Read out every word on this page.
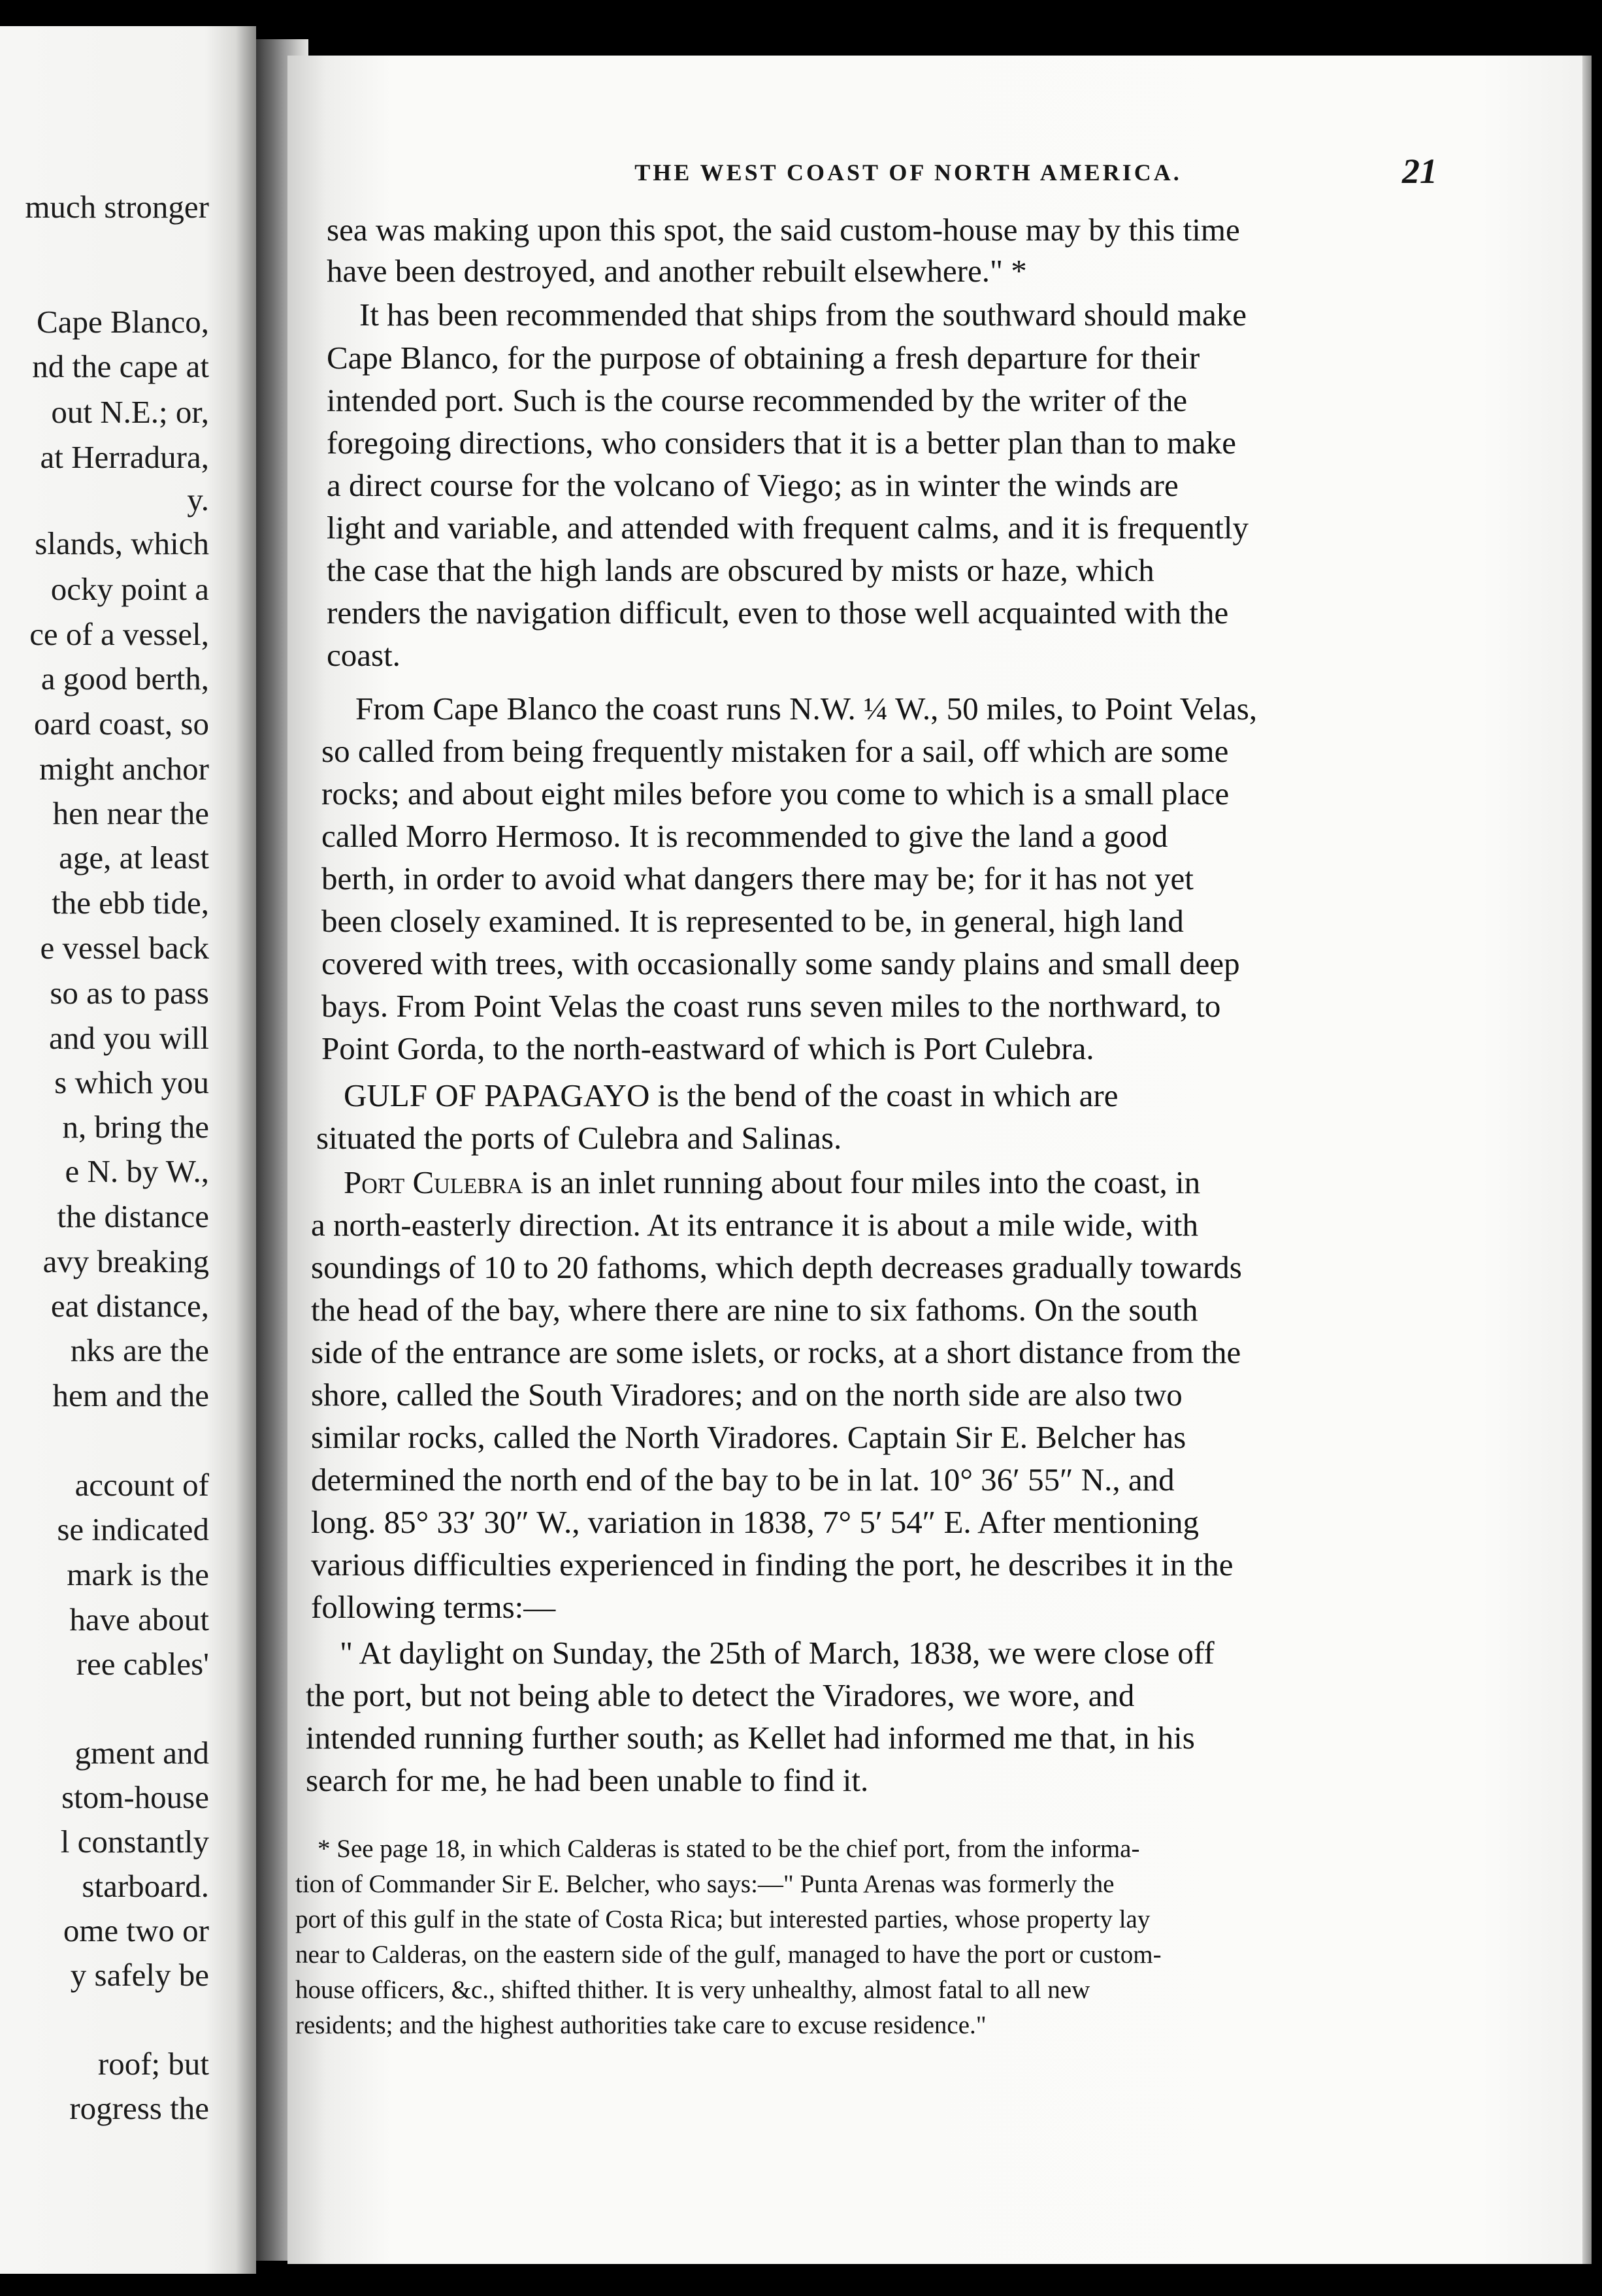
much stronger
Cape Blanco,
nd the cape at
out N.E.; or,
at Herradura,
y.
slands, which
ocky point a
ce of a vessel,
a good berth,
oard coast, so
might anchor
hen near the
age, at least
the ebb tide,
e vessel back
so as to pass
and you will
s which you
n, bring the
e N. by W.,
the distance
avy breaking
eat distance,
nks are the
hem and the
account of
se indicated
mark is the
have about
ree cables'
gment and
stom-house
l constantly
starboard.
ome two or
y safely be
roof; but
rogress the
THE WEST COAST OF NORTH AMERICA.	21
sea was making upon this spot, the said custom-house may by this time
have been destroyed, and another rebuilt elsewhere." *
It has been recommended that ships from the southward should make
Cape Blanco, for the purpose of obtaining a fresh departure for their
intended port. Such is the course recommended by the writer of the
foregoing directions, who considers that it is a better plan than to make
a direct course for the volcano of Viego; as in winter the winds are
light and variable, and attended with frequent calms, and it is frequently
the case that the high lands are obscured by mists or haze, which
renders the navigation difficult, even to those well acquainted with the
coast.
From Cape Blanco the coast runs N.W. ¼ W., 50 miles, to Point Velas,
so called from being frequently mistaken for a sail, off which are some
rocks; and about eight miles before you come to which is a small place
called Morro Hermoso. It is recommended to give the land a good
berth, in order to avoid what dangers there may be; for it has not yet
been closely examined. It is represented to be, in general, high land
covered with trees, with occasionally some sandy plains and small deep
bays. From Point Velas the coast runs seven miles to the northward, to
Point Gorda, to the north-eastward of which is Port Culebra.
GULF OF PAPAGAYO is the bend of the coast in which are
situated the ports of Culebra and Salinas.
Port Culebra is an inlet running about four miles into the coast, in
a north-easterly direction. At its entrance it is about a mile wide, with
soundings of 10 to 20 fathoms, which depth decreases gradually towards
the head of the bay, where there are nine to six fathoms. On the south
side of the entrance are some islets, or rocks, at a short distance from the
shore, called the South Viradores; and on the north side are also two
similar rocks, called the North Viradores. Captain Sir E. Belcher has
determined the north end of the bay to be in lat. 10° 36′ 55″ N., and
long. 85° 33′ 30″ W., variation in 1838, 7° 5′ 54″ E. After mentioning
various difficulties experienced in finding the port, he describes it in the
following terms:—
" At daylight on Sunday, the 25th of March, 1838, we were close off
the port, but not being able to detect the Viradores, we wore, and
intended running further south; as Kellet had informed me that, in his
search for me, he had been unable to find it.
* See page 18, in which Calderas is stated to be the chief port, from the informa-
tion of Commander Sir E. Belcher, who says:—" Punta Arenas was formerly the
port of this gulf in the state of Costa Rica; but interested parties, whose property lay
near to Calderas, on the eastern side of the gulf, managed to have the port or custom-
house officers, &c., shifted thither. It is very unhealthy, almost fatal to all new
residents; and the highest authorities take care to excuse residence."
